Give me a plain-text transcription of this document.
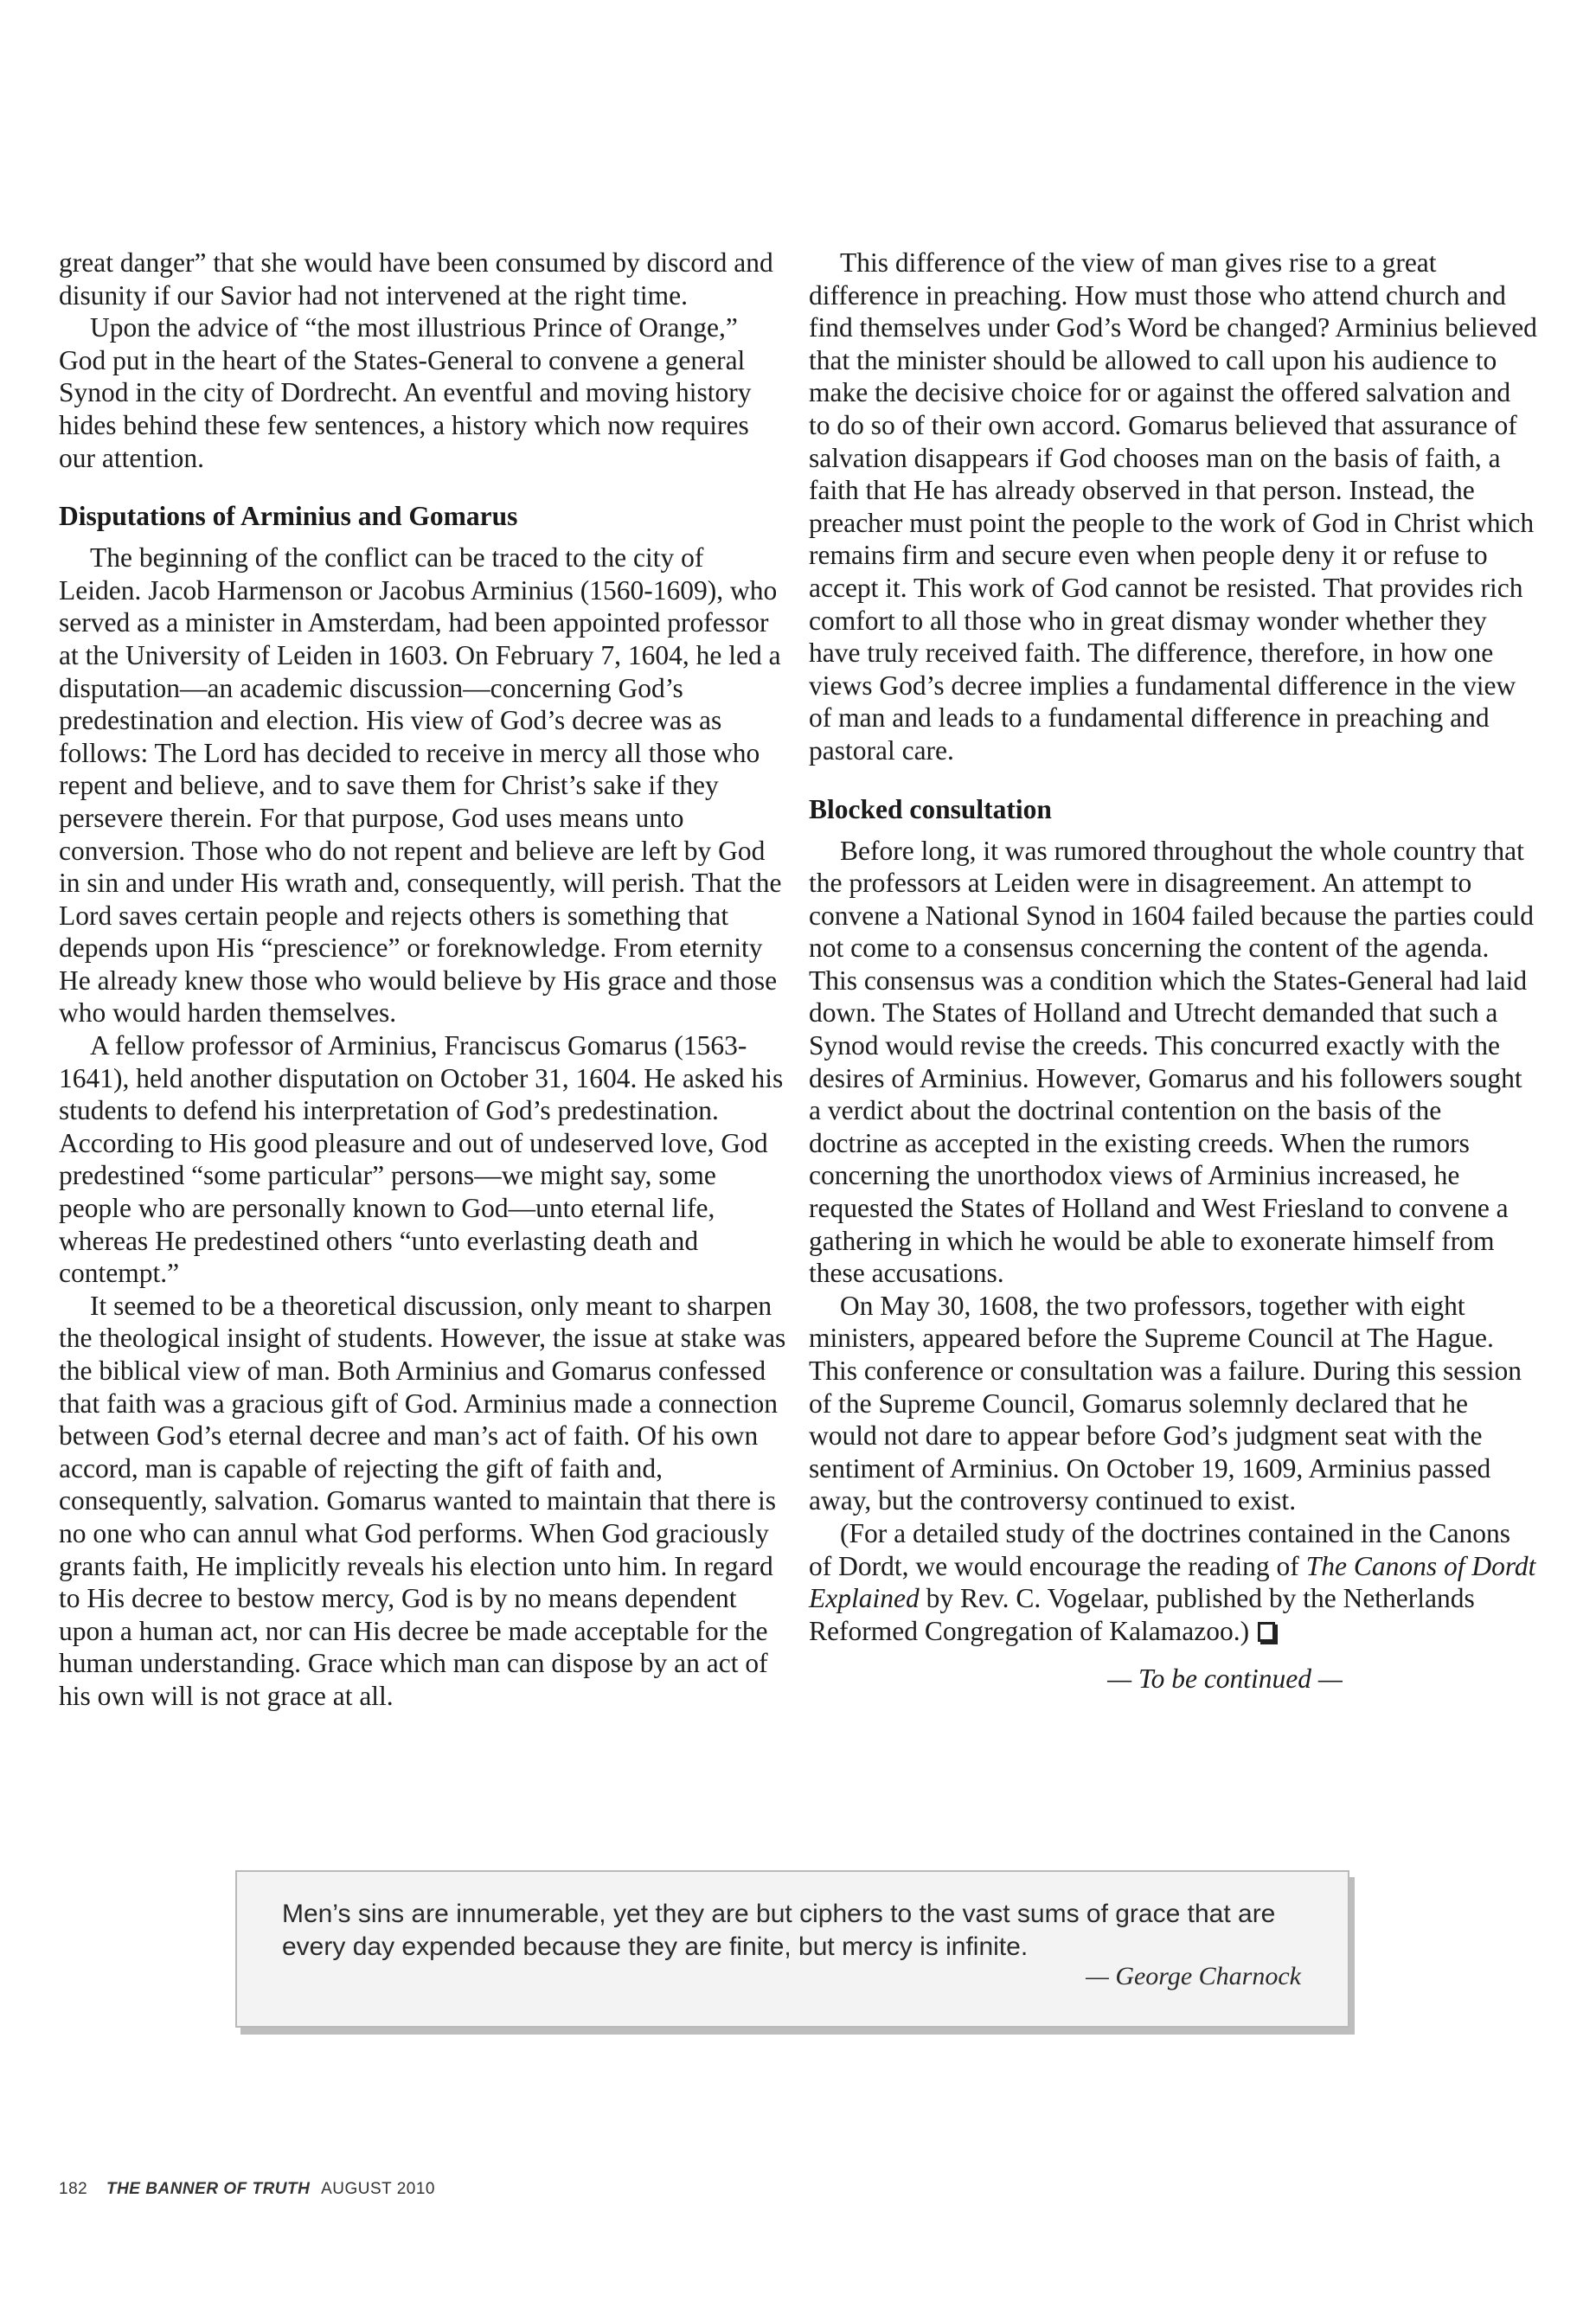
great danger” that she would have been consumed by discord and disunity if our Savior had not intervened at the right time.

Upon the advice of “the most illustrious Prince of Orange,” God put in the heart of the States-General to convene a general Synod in the city of Dordrecht. An eventful and moving history hides behind these few sentences, a history which now requires our attention.

Disputations of Arminius and Gomarus

The beginning of the conflict can be traced to the city of Leiden. Jacob Harmenson or Jacobus Arminius (1560-1609), who served as a minister in Amsterdam, had been appointed professor at the University of Leiden in 1603. On February 7, 1604, he led a disputation—an academic discussion—concerning God’s predestination and election. His view of God’s decree was as follows: The Lord has decided to receive in mercy all those who repent and believe, and to save them for Christ’s sake if they persevere therein. For that purpose, God uses means unto conversion. Those who do not repent and believe are left by God in sin and under His wrath and, consequently, will perish. That the Lord saves certain people and rejects others is something that depends upon His “prescience” or foreknowledge. From eternity He already knew those who would believe by His grace and those who would harden themselves.

A fellow professor of Arminius, Franciscus Gomarus (1563-1641), held another disputation on October 31, 1604. He asked his students to defend his interpretation of God’s predestination. According to His good pleasure and out of undeserved love, God predestined “some particular” persons—we might say, some people who are personally known to God—unto eternal life, whereas He predestined others “unto everlasting death and contempt.”

It seemed to be a theoretical discussion, only meant to sharpen the theological insight of students. However, the issue at stake was the biblical view of man. Both Arminius and Gomarus confessed that faith was a gracious gift of God. Arminius made a connection between God’s eternal decree and man’s act of faith. Of his own accord, man is capable of rejecting the gift of faith and, consequently, salvation. Gomarus wanted to maintain that there is no one who can annul what God performs. When God graciously grants faith, He implicitly reveals his election unto him. In regard to His decree to bestow mercy, God is by no means dependent upon a human act, nor can His decree be made acceptable for the human understanding. Grace which man can dispose by an act of his own will is not grace at all.

This difference of the view of man gives rise to a great difference in preaching. How must those who attend church and find themselves under God’s Word be changed? Arminius believed that the minister should be allowed to call upon his audience to make the decisive choice for or against the offered salvation and to do so of their own accord. Gomarus believed that assurance of salvation disappears if God chooses man on the basis of faith, a faith that He has already observed in that person. Instead, the preacher must point the people to the work of God in Christ which remains firm and secure even when people deny it or refuse to accept it. This work of God cannot be resisted. That provides rich comfort to all those who in great dismay wonder whether they have truly received faith. The difference, therefore, in how one views God’s decree implies a fundamental difference in the view of man and leads to a fundamental difference in preaching and pastoral care.

Blocked consultation

Before long, it was rumored throughout the whole country that the professors at Leiden were in disagreement. An attempt to convene a National Synod in 1604 failed because the parties could not come to a consensus concerning the content of the agenda. This consensus was a condition which the States-General had laid down. The States of Holland and Utrecht demanded that such a Synod would revise the creeds. This concurred exactly with the desires of Arminius. However, Gomarus and his followers sought a verdict about the doctrinal contention on the basis of the doctrine as accepted in the existing creeds. When the rumors concerning the unorthodox views of Arminius increased, he requested the States of Holland and West Friesland to convene a gathering in which he would be able to exonerate himself from these accusations.

On May 30, 1608, the two professors, together with eight ministers, appeared before the Supreme Council at The Hague. This conference or consultation was a failure. During this session of the Supreme Council, Gomarus solemnly declared that he would not dare to appear before God’s judgment seat with the sentiment of Arminius. On October 19, 1609, Arminius passed away, but the controversy continued to exist.

(For a detailed study of the doctrines contained in the Canons of Dordt, we would encourage the reading of The Canons of Dordt Explained by Rev. C. Vogelaar, published by the Netherlands Reformed Congregation of Kalamazoo.)

— To be continued —

Men’s sins are innumerable, yet they are but ciphers to the vast sums of grace that are every day expended because they are finite, but mercy is infinite.

— George Charnock
182 THE BANNER OF TRUTH AUGUST 2010
